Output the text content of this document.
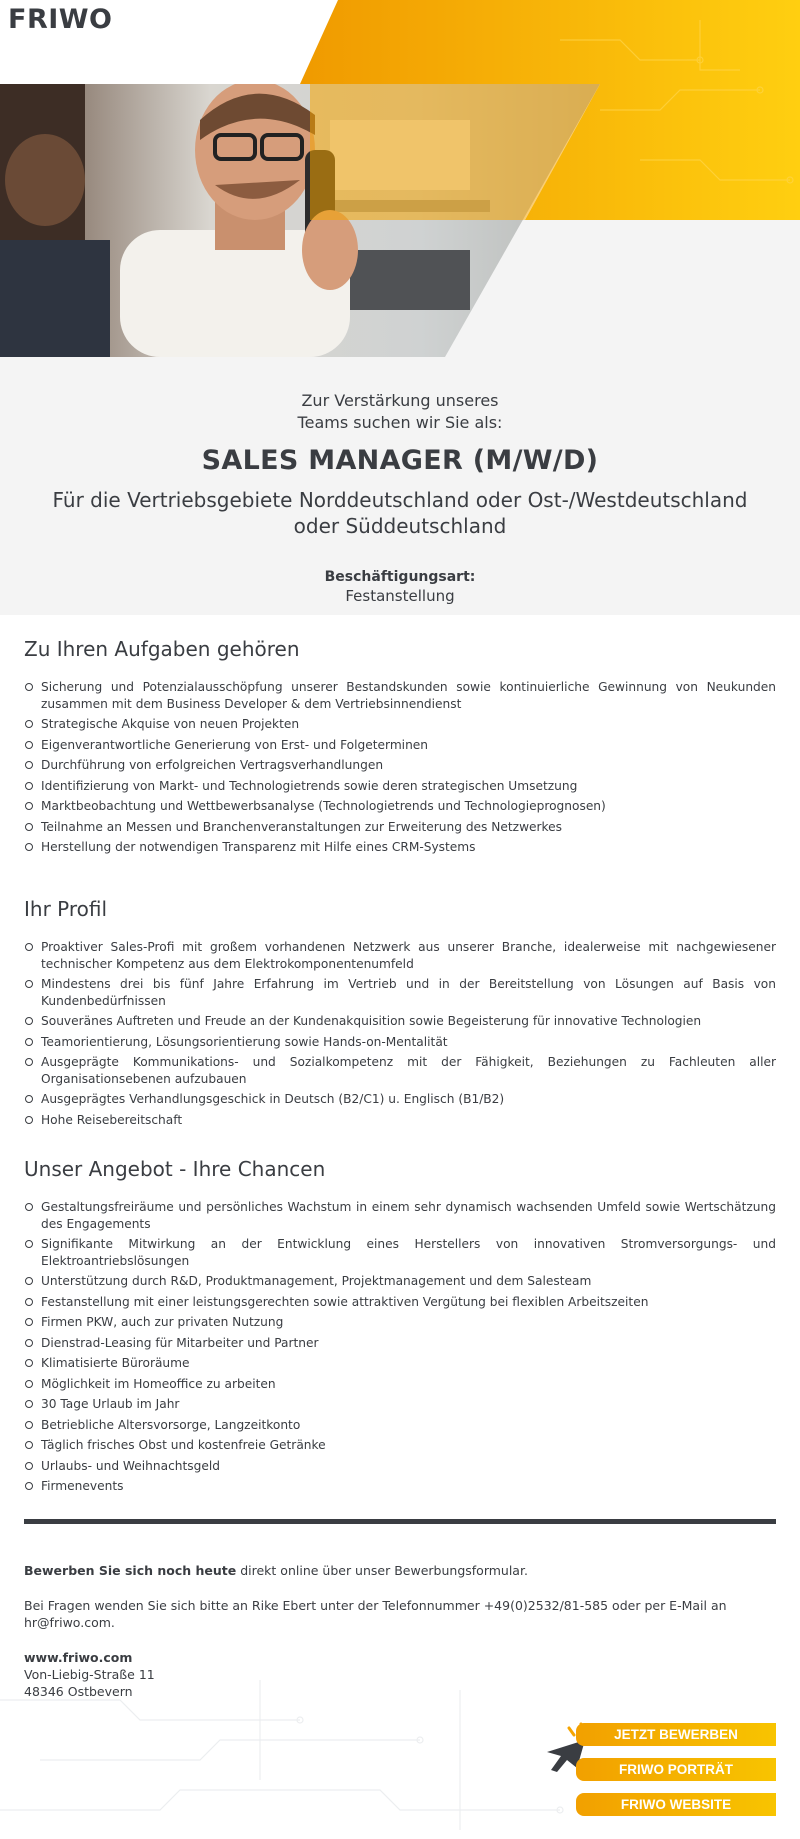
FRIWO
Zur Verstärkung unseres
Teams suchen wir Sie als:
SALES MANAGER (M/W/D)
Für die Vertriebsgebiete Norddeutschland oder Ost-/Westdeutschland oder Süddeutschland
Beschäftigungsart:
Festanstellung
Zu Ihren Aufgaben gehören
Sicherung und Potenzialausschöpfung unserer Bestandskunden sowie kontinuierliche Gewinnung von Neukunden zusammen mit dem Business Developer & dem Vertriebsinnendienst
Strategische Akquise von neuen Projekten
Eigenverantwortliche Generierung von Erst- und Folgeterminen
Durchführung von erfolgreichen Vertragsverhandlungen
Identifizierung von Markt- und Technologietrends sowie deren strategischen Umsetzung
Marktbeobachtung und Wettbewerbsanalyse (Technologietrends und Technologieprognosen)
Teilnahme an Messen und Branchenveranstaltungen zur Erweiterung des Netzwerkes
Herstellung der notwendigen Transparenz mit Hilfe eines CRM-Systems
Ihr Profil
Proaktiver Sales-Profi mit großem vorhandenen Netzwerk aus unserer Branche, idealerweise mit nachgewiesener technischer Kompetenz aus dem Elektrokomponentenumfeld
Mindestens drei bis fünf Jahre Erfahrung im Vertrieb und in der Bereitstellung von Lösungen auf Basis von Kundenbedürfnissen
Souveränes Auftreten und Freude an der Kundenakquisition sowie Begeisterung für innovative Technologien
Teamorientierung, Lösungsorientierung sowie Hands-on-Mentalität
Ausgeprägte Kommunikations- und Sozialkompetenz mit der Fähigkeit, Beziehungen zu Fachleuten aller Organisationsebenen aufzubauen
Ausgeprägtes Verhandlungsgeschick in Deutsch (B2/C1) u. Englisch (B1/B2)
Hohe Reisebereitschaft
Unser Angebot - Ihre Chancen
Gestaltungsfreiräume und persönliches Wachstum in einem sehr dynamisch wachsenden Umfeld sowie Wertschätzung des Engagements
Signifikante Mitwirkung an der Entwicklung eines Herstellers von innovativen Stromversorgungs- und Elektroantriebslösungen
Unterstützung durch R&D, Produktmanagement, Projektmanagement und dem Salesteam
Festanstellung mit einer leistungsgerechten sowie attraktiven Vergütung bei flexiblen Arbeitszeiten
Firmen PKW, auch zur privaten Nutzung
Dienstrad-Leasing für Mitarbeiter und Partner
Klimatisierte Büroräume
Möglichkeit im Homeoffice zu arbeiten
30 Tage Urlaub im Jahr
Betriebliche Altersvorsorge, Langzeitkonto
Täglich frisches Obst und kostenfreie Getränke
Urlaubs- und Weihnachtsgeld
Firmenevents

Bewerben Sie sich noch heute direkt online über unser Bewerbungsformular.

Bei Fragen wenden Sie sich bitte an Rike Ebert unter der Telefonnummer +49(0)2532/81-585 oder per E-Mail an hr@friwo.com.

www.friwo.com
Von-Liebig-Straße 11
48346 Ostbevern
JETZT BEWERBEN
FRIWO PORTRÄT
FRIWO WEBSITE
